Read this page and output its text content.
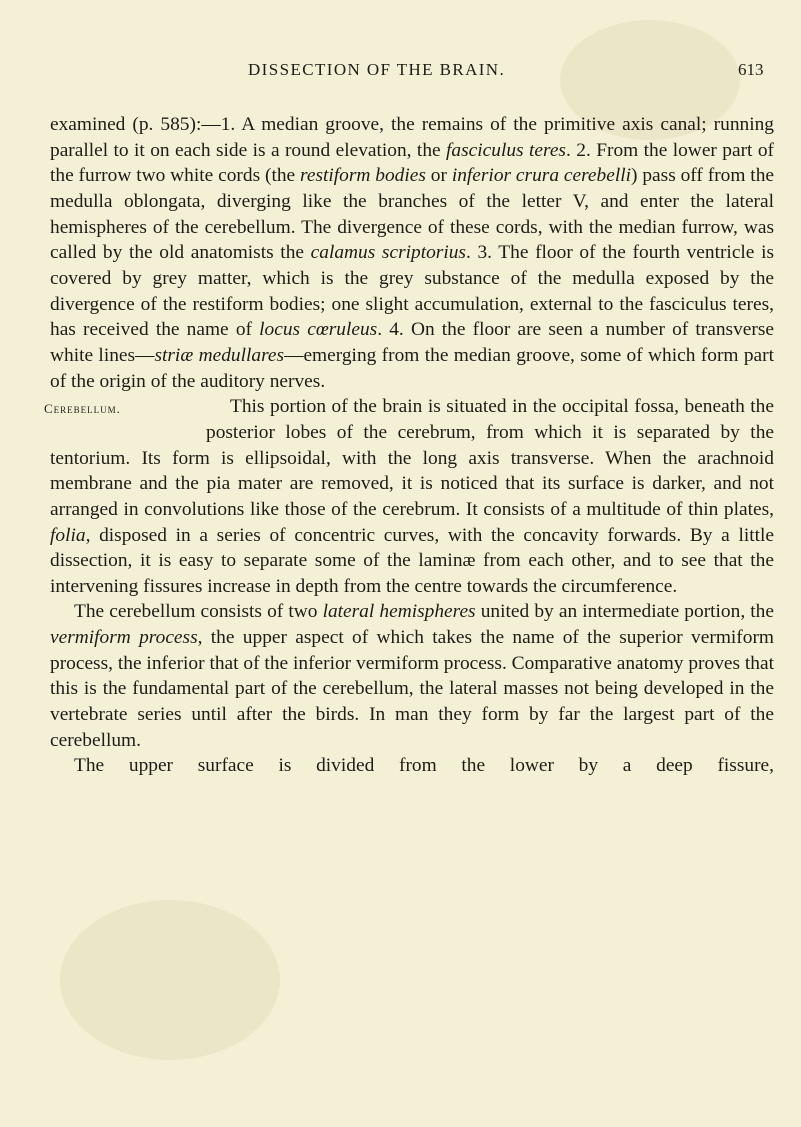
DISSECTION OF THE BRAIN.	613

examined (p. 585):—1. A median groove, the remains of the primitive axis canal; running parallel to it on each side is a round elevation, the fasciculus teres. 2. From the lower part of the furrow two white cords (the restiform bodies or inferior crura cerebelli) pass off from the medulla oblongata, diverging like the branches of the letter V, and enter the lateral hemispheres of the cerebellum. The divergence of these cords, with the median furrow, was called by the old anatomists the calamus scriptorius. 3. The floor of the fourth ventricle is covered by grey matter, which is the grey substance of the medulla exposed by the divergence of the restiform bodies; one slight accumulation, external to the fasciculus teres, has received the name of locus cœruleus. 4. On the floor are seen a number of transverse white lines—striæ medullares—emerging from the median groove, some of which form part of the origin of the auditory nerves.

Cerebellum.	This portion of the brain is situated in the occipital fossa, beneath the posterior lobes of the cerebrum, from which it is separated by the tentorium. Its form is ellipsoidal, with the long axis transverse. When the arachnoid membrane and the pia mater are removed, it is noticed that its surface is darker, and not arranged in convolutions like those of the cerebrum. It consists of a multitude of thin plates, folia, disposed in a series of concentric curves, with the concavity forwards. By a little dissection, it is easy to separate some of the laminæ from each other, and to see that the intervening fissures increase in depth from the centre towards the circumference.

The cerebellum consists of two lateral hemispheres united by an intermediate portion, the vermiform process, the upper aspect of which takes the name of the superior vermiform process, the inferior that of the inferior vermiform process. Comparative anatomy proves that this is the fundamental part of the cerebellum, the lateral masses not being developed in the vertebrate series until after the birds. In man they form by far the largest part of the cerebellum.

The upper surface is divided from the lower by a deep fissure,
